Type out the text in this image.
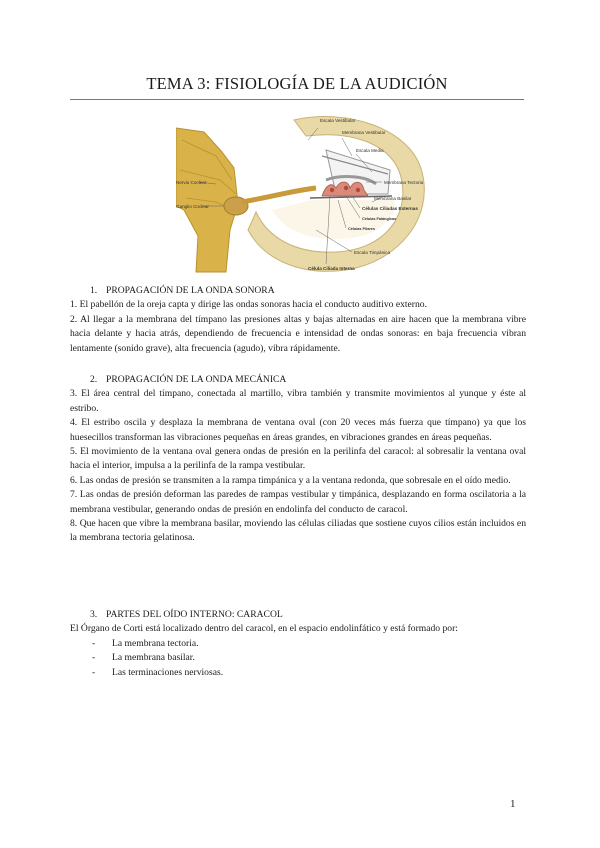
TEMA 3: FISIOLOGÍA DE LA AUDICIÓN
Escala Vestibular
Membrana Vestibular
Escala Media
Membrana Tectoria
Membrana Basilar
Células Ciliadas Externas
Células Falángicas
Células Pilares
Escala Timpánica
Célula Ciliada Interna
Nervio Coclear
Ganglio Coclear

1. PROPAGACIÓN DE LA ONDA SONORA

1. El pabellón de la oreja capta y dirige las ondas sonoras hacia el conducto auditivo externo.

2. Al llegar a la membrana del tímpano las presiones altas y bajas alternadas en aire hacen que la membrana vibre hacia delante y hacia atrás, dependiendo de frecuencia e intensidad de ondas sonoras: en baja frecuencia vibran lentamente (sonido grave), alta frecuencia (agudo), vibra rápidamente.

2. PROPAGACIÓN DE LA ONDA MECÁNICA

3. El área central del tímpano, conectada al martillo, vibra también y transmite movimientos al yunque y éste al estribo.

4. El estribo oscila y desplaza la membrana de ventana oval (con 20 veces más fuerza que tímpano) ya que los huesecillos transforman las vibraciones pequeñas en áreas grandes, en vibraciones grandes en áreas pequeñas.

5. El movimiento de la ventana oval genera ondas de presión en la perilinfa del caracol: al sobresalir la ventana oval hacia el interior, impulsa a la perilinfa de la rampa vestibular.

6. Las ondas de presión se transmiten a la rampa timpánica y a la ventana redonda, que sobresale en el oído medio.

7. Las ondas de presión deforman las paredes de rampas vestibular y timpánica, desplazando en forma oscilatoria a la membrana vestibular, generando ondas de presión en endolinfa del conducto de caracol.

8. Que hacen que vibre la membrana basilar, moviendo las células ciliadas que sostiene cuyos cilios están incluidos en la membrana tectoria gelatinosa.

3. PARTES DEL OÍDO INTERNO: CARACOL

El Órgano de Corti está localizado dentro del caracol, en el espacio endolinfático y está formado por:

- La membrana tectoria.

- La membrana basilar.

- Las terminaciones nerviosas.

1
